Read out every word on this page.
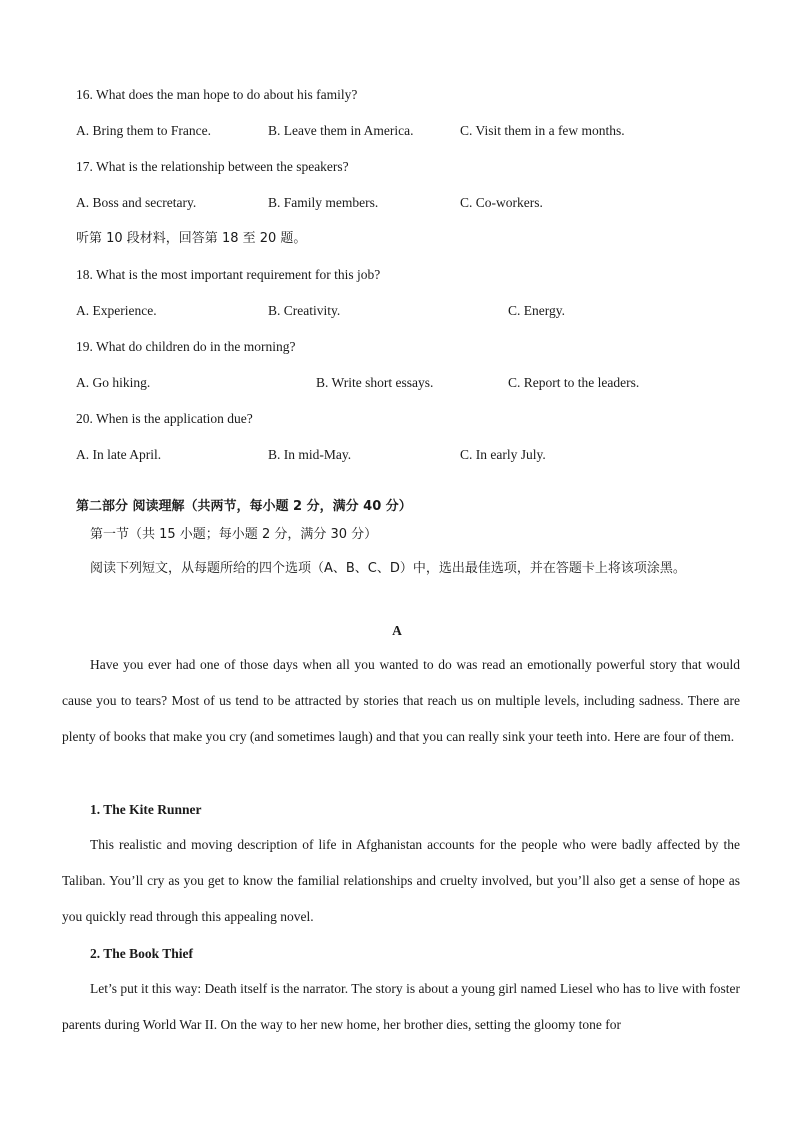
16. What does the man hope to do about his family?
A. Bring them to France.	B. Leave them in America.	C. Visit them in a few months.
17. What is the relationship between the speakers?
A. Boss and secretary.	B. Family members.	C. Co-workers.
听第 10 段材料，回答第 18 至 20 题。
18. What is the most important requirement for this job?
A. Experience.	B. Creativity.	C. Energy.
19. What do children do in the morning?
A. Go hiking.	B. Write short essays.	C. Report to the leaders.
20. When is the application due?
A. In late April.	B. In mid-May.	C. In early July.
第二部分 阅读理解（共两节，每小题 2 分，满分 40 分）
第一节（共 15 小题；每小题 2 分，满分 30 分）
阅读下列短文，从每题所给的四个选项（A、B、C、D）中，选出最佳选项，并在答题卡上将该项涂黑。
A
Have you ever had one of those days when all you wanted to do was read an emotionally powerful story that would cause you to tears? Most of us tend to be attracted by stories that reach us on multiple levels, including sadness. There are plenty of books that make you cry (and sometimes laugh) and that you can really sink your teeth into. Here are four of them.
1. The Kite Runner
This realistic and moving description of life in Afghanistan accounts for the people who were badly affected by the Taliban. You’ll cry as you get to know the familial relationships and cruelty involved, but you’ll also get a sense of hope as you quickly read through this appealing novel.
2. The Book Thief
Let’s put it this way: Death itself is the narrator. The story is about a young girl named Liesel who has to live with foster parents during World War II. On the way to her new home, her brother dies, setting the gloomy tone for
